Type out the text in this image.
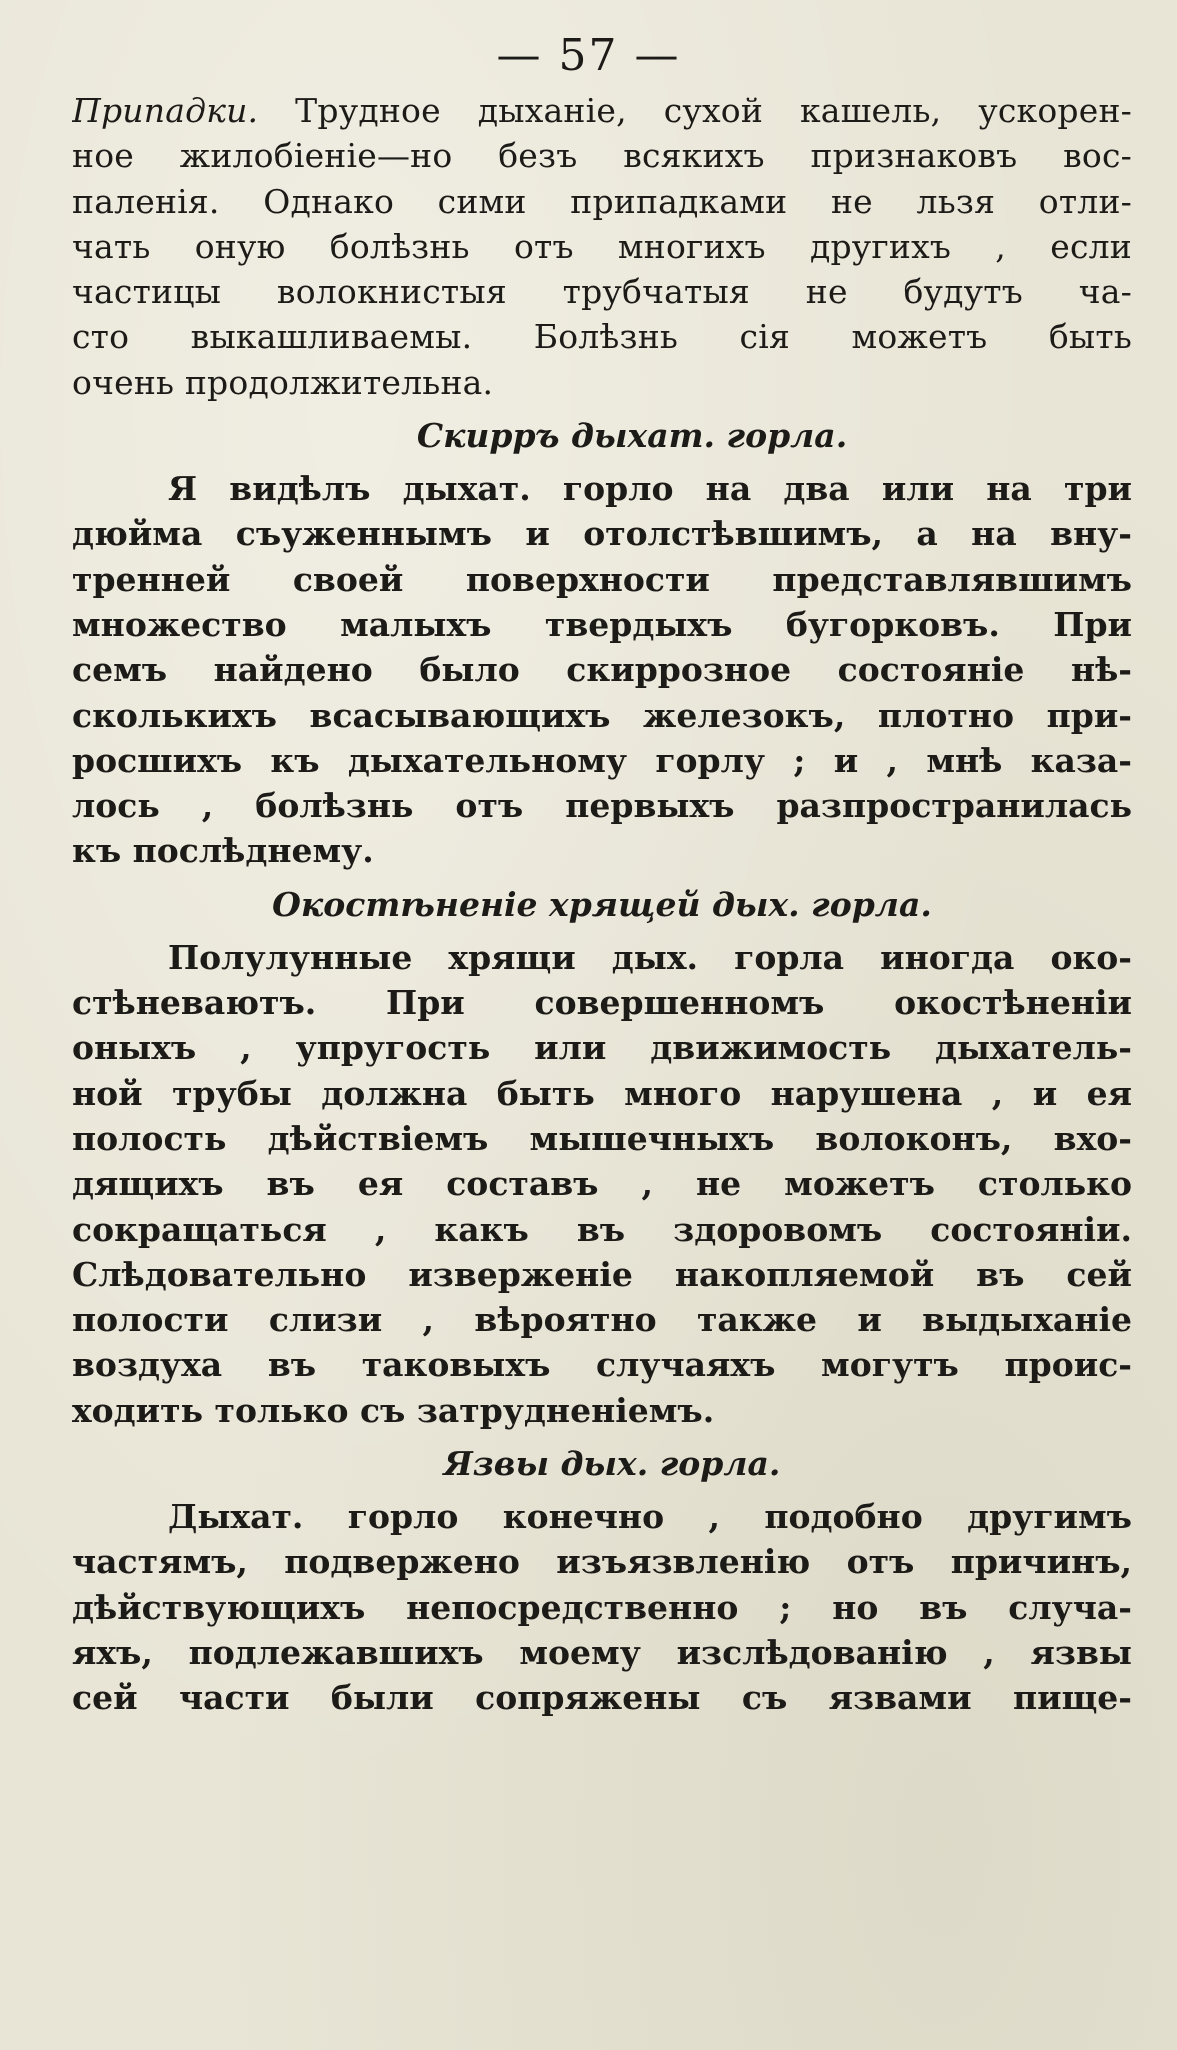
— 57 —
Припадки. Трудное дыханіе, сухой кашель, ускорен-
ное жилобіеніе—но безъ всякихъ признаковъ вос-
паленія. Однако сими припадками не льзя отли-
чать оную болѣзнь отъ многихъ другихъ , если
частицы волокнистыя трубчатыя не будутъ ча-
сто выкашливаемы. Болѣзнь сія можетъ быть
очень продолжительна.
Скирръ дыхат. горла.
Я видѣлъ дыхат. горло на два или на три
дюйма съуженнымъ и отолстѣвшимъ, а на вну-
тренней своей поверхности представлявшимъ
множество малыхъ твердыхъ бугорковъ. При
семъ найдено было скиррозное состояніе нѣ-
сколькихъ всасывающихъ железокъ, плотно при-
росшихъ къ дыхательному горлу ; и , мнѣ каза-
лось , болѣзнь отъ первыхъ разпространилась
къ послѣднему.
Окостѣненіе хрящей дых. горла.
Полулунные хрящи дых. горла иногда око-
стѣневаютъ. При совершенномъ окостѣненіи
оныхъ , упругость или движимость дыхатель-
ной трубы должна быть много нарушена , и ея
полость дѣйствіемъ мышечныхъ волоконъ, вхо-
дящихъ въ ея составъ , не можетъ столько
сокращаться , какъ въ здоровомъ состояніи.
Слѣдовательно изверженіе накопляемой въ сей
полости слизи , вѣроятно также и выдыханіе
воздуха въ таковыхъ случаяхъ могутъ проис-
ходить только съ затрудненіемъ.
Язвы дых. горла.
Дыхат. горло конечно , подобно другимъ
частямъ, подвержено изъязвленію отъ причинъ,
дѣйствующихъ непосредственно ; но въ случа-
яхъ, подлежавшихъ моему изслѣдованію , язвы
сей части были сопряжены съ язвами пище-
